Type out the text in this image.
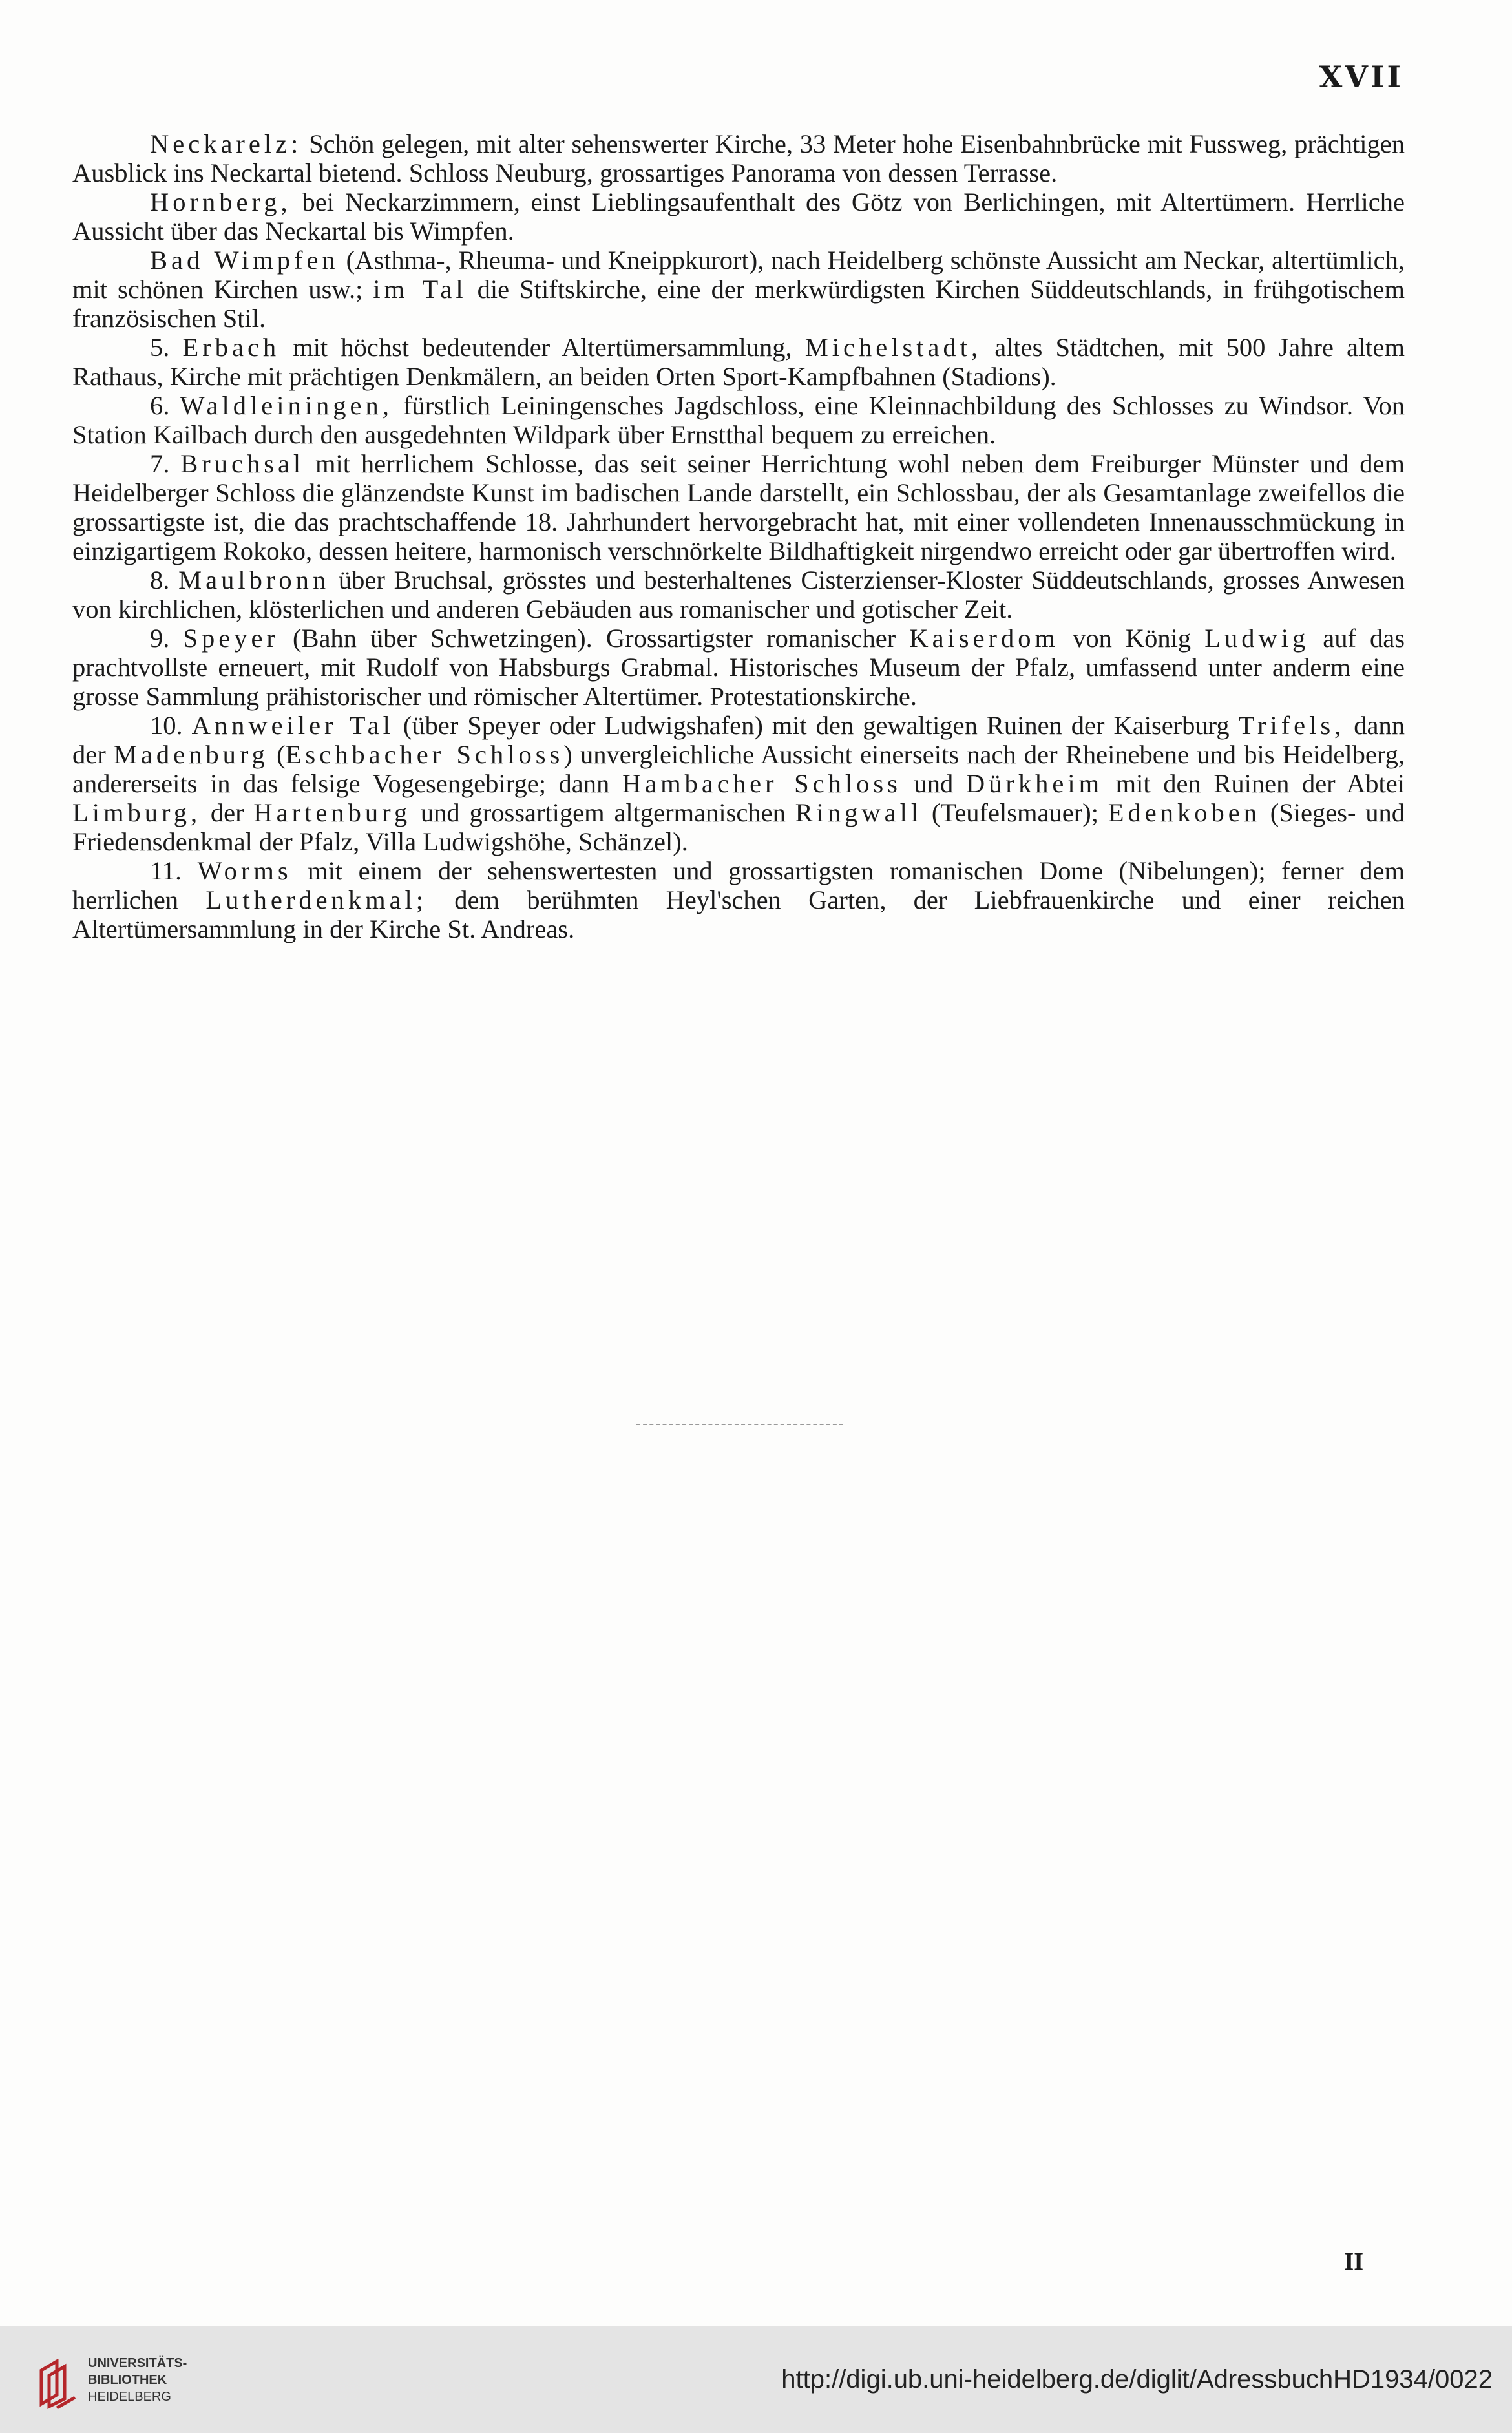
XVII

Neckarelz: Schön gelegen, mit alter sehenswerter Kirche, 33 Meter hohe Eisenbahnbrücke mit Fussweg, prächtigen Ausblick ins Neckartal bietend. Schloss Neuburg, grossartiges Panorama von dessen Terrasse.

Hornberg, bei Neckarzimmern, einst Lieblingsaufenthalt des Götz von Berlichingen, mit Altertümern. Herrliche Aussicht über das Neckartal bis Wimpfen.

Bad Wimpfen (Asthma-, Rheuma- und Kneippkurort), nach Heidelberg schönste Aussicht am Neckar, altertümlich, mit schönen Kirchen usw.; im Tal die Stiftskirche, eine der merkwürdigsten Kirchen Süddeutschlands, in frühgotischem französischen Stil.

5. Erbach mit höchst bedeutender Altertümersammlung, Michelstadt, altes Städtchen, mit 500 Jahre altem Rathaus, Kirche mit prächtigen Denkmälern, an beiden Orten Sport-Kampfbahnen (Stadions).

6. Waldleiningen, fürstlich Leiningensches Jagdschloss, eine Kleinnachbildung des Schlosses zu Windsor. Von Station Kailbach durch den ausgedehnten Wildpark über Ernstthal bequem zu erreichen.

7. Bruchsal mit herrlichem Schlosse, das seit seiner Herrichtung wohl neben dem Freiburger Münster und dem Heidelberger Schloss die glänzendste Kunst im badischen Lande darstellt, ein Schlossbau, der als Gesamtanlage zweifellos die grossartigste ist, die das prachtschaffende 18. Jahrhundert hervorgebracht hat, mit einer vollendeten Innenausschmückung in einzigartigem Rokoko, dessen heitere, harmonisch verschnörkelte Bildhaftigkeit nirgendwo erreicht oder gar übertroffen wird.

8. Maulbronn über Bruchsal, grösstes und besterhaltenes Cisterzienser-Kloster Süddeutschlands, grosses Anwesen von kirchlichen, klösterlichen und anderen Gebäuden aus romanischer und gotischer Zeit.

9. Speyer (Bahn über Schwetzingen). Grossartigster romanischer Kaiserdom von König Ludwig auf das prachtvollste erneuert, mit Rudolf von Habsburgs Grabmal. Historisches Museum der Pfalz, umfassend unter anderm eine grosse Sammlung prähistorischer und römischer Altertümer. Protestationskirche.

10. Annweiler Tal (über Speyer oder Ludwigshafen) mit den gewaltigen Ruinen der Kaiserburg Trifels, dann der Madenburg (Eschbacher Schloss) unvergleichliche Aussicht einerseits nach der Rheinebene und bis Heidelberg, andererseits in das felsige Vogesengebirge; dann Hambacher Schloss und Dürkheim mit den Ruinen der Abtei Limburg, der Hartenburg und grossartigem altgermanischen Ringwall (Teufelsmauer); Edenkoben (Sieges- und Friedensdenkmal der Pfalz, Villa Ludwigshöhe, Schänzel).

11. Worms mit einem der sehenswertesten und grossartigsten romanischen Dome (Nibelungen); ferner dem herrlichen Lutherdenkmal; dem berühmten Heyl'schen Garten, der Liebfrauenkirche und einer reichen Altertümersammlung in der Kirche St. Andreas.

II
UNIVERSITÄTS-
BIBLIOTHEK
HEIDELBERG
http://digi.ub.uni-heidelberg.de/diglit/AdressbuchHD1934/0022
